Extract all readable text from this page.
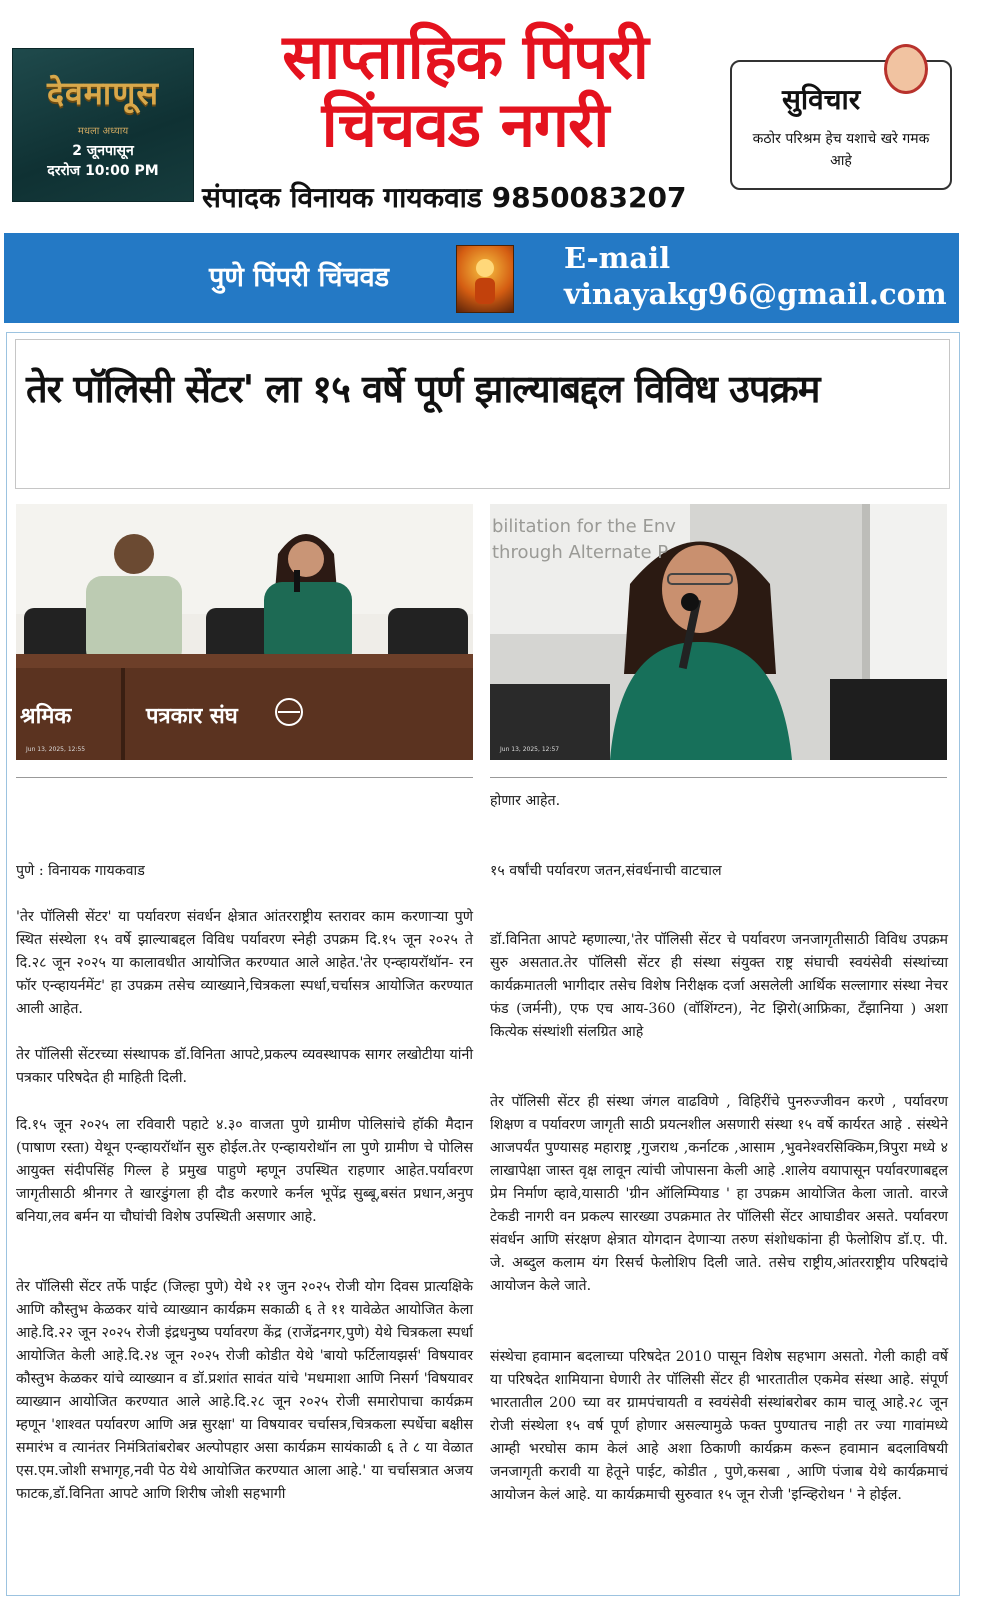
देवमाणूस
मधला अध्याय
2 जूनपासून
दररोज 10:00 PM
साप्ताहिक पिंपरी
चिंचवड नगरी
संपादक विनायक गायकवाड 9850083207
सुविचार
कठोर परिश्रम हेच यशाचे खरे गमक आहे
पुणे पिंपरी चिंचवड
E-mail
vinayakg96@gmail.com
तेर पॉलिसी सेंटर' ला १५ वर्षे पूर्ण झाल्याबद्दल विविध उपक्रम
श्रमिक	पत्रकार संघ
Jun 13, 2025, 12:55
bilitation for the Env
through Alternate P
Jun 13, 2025, 12:57
पुणे : विनायक गायकवाड
'तेर पॉलिसी सेंटर' या पर्यावरण संवर्धन क्षेत्रात आंतरराष्ट्रीय स्तरावर काम करणाऱ्या पुणे स्थित संस्थेला १५ वर्षे झाल्याबद्दल विविध पर्यावरण स्नेही उपक्रम दि.१५ जून २०२५ ते दि.२८ जून २०२५ या कालावधीत आयोजित करण्यात आले आहेत.'तेर एन्व्हायरॉथॉन- रन फॉर एन्व्हायर्नमेंट' हा उपक्रम तसेच व्याख्याने,चित्रकला स्पर्धा,चर्चासत्र आयोजित करण्यात आली आहेत.
तेर पॉलिसी सेंटरच्या संस्थापक डॉ.विनिता आपटे,प्रकल्प व्यवस्थापक सागर लखोटीया यांनी पत्रकार परिषदेत ही माहिती दिली.
दि.१५ जून २०२५ ला रविवारी पहाटे ४.३० वाजता पुणे ग्रामीण पोलिसांचे हॉकी मैदान (पाषाण रस्ता) येथून एन्व्हायरॉथॉन सुरु होईल.तेर एन्व्हायरोथॉन ला पुणे ग्रामीण चे पोलिस आयुक्त संदीपसिंह गिल्ल हे प्रमुख पाहुणे म्हणून उपस्थित राहणार आहेत.पर्यावरण जागृतीसाठी श्रीनगर ते खारडुंगला ही दौड करणारे कर्नल भूपेंद्र सुब्बू,बसंत प्रधान,अनुप बनिया,लव बर्मन या चौघांची विशेष उपस्थिती असणार आहे.
तेर पॉलिसी सेंटर तर्फे पाईट (जिल्हा पुणे) येथे २१ जुन २०२५ रोजी योग दिवस प्रात्यक्षिके आणि कौस्तुभ केळकर यांचे व्याख्यान कार्यक्रम सकाळी ६ ते ११ यावेळेत आयोजित केला आहे.दि.२२ जून २०२५ रोजी इंद्रधनुष्य पर्यावरण केंद्र (राजेंद्रनगर,पुणे) येथे चित्रकला स्पर्धा आयोजित केली आहे.दि.२४ जून २०२५ रोजी कोडीत येथे 'बायो फर्टिलायझर्स' विषयावर कौस्तुभ केळकर यांचे व्याख्यान व डॉ.प्रशांत सावंत यांचे 'मधमाशा आणि निसर्ग 'विषयावर व्याख्यान आयोजित करण्यात आले आहे.दि.२८ जून २०२५ रोजी समारोपाचा कार्यक्रम म्हणून 'शाश्वत पर्यावरण आणि अन्न सुरक्षा' या विषयावर चर्चासत्र,चित्रकला स्पर्धेचा बक्षीस समारंभ व त्यानंतर निमंत्रितांबरोबर अल्पोपहार असा कार्यक्रम सायंकाळी ६ ते ८ या वेळात एस.एम.जोशी सभागृह,नवी पेठ येथे आयोजित करण्यात आला आहे.' या चर्चासत्रात अजय फाटक,डॉ.विनिता आपटे आणि शिरीष जोशी सहभागी
होणार आहेत.
१५ वर्षांची पर्यावरण जतन,संवर्धनाची वाटचाल
डॉ.विनिता आपटे म्हणाल्या,'तेर पॉलिसी सेंटर चे पर्यावरण जनजागृतीसाठी विविध उपक्रम सुरु असतात.तेर पॉलिसी सेंटर ही संस्था संयुक्त राष्ट्र संघाची स्वयंसेवी संस्थांच्या कार्यक्रमातली भागीदार तसेच विशेष निरीक्षक दर्जा असलेली आर्थिक सल्लागार संस्था नेचर फंड (जर्मनी), एफ एच आय-360 (वॉशिंग्टन), नेट झिरो(आफ्रिका, टँझानिया ) अशा कित्येक संस्थांशी संलग्रित आहे
तेर पॉलिसी सेंटर ही संस्था जंगल वाढविणे , विहिरींचे पुनरुज्जीवन करणे , पर्यावरण शिक्षण व पर्यावरण जागृती साठी प्रयत्नशील असणारी संस्था १५ वर्षे कार्यरत आहे . संस्थेने आजपर्यंत पुण्यासह महाराष्ट्र ,गुजराथ ,कर्नाटक ,आसाम ,भुवनेश्वरसिक्किम,त्रिपुरा मध्ये ४ लाखापेक्षा जास्त वृक्ष लावून त्यांची जोपासना केली आहे .शालेय वयापासून पर्यावरणाबद्दल प्रेम निर्माण व्हावे,यासाठी 'ग्रीन ऑलिम्पियाड ' हा उपक्रम आयोजित केला जातो. वारजे टेकडी नागरी वन प्रकल्प सारख्या उपक्रमात तेर पॉलिसी सेंटर आघाडीवर असते. पर्यावरण संवर्धन आणि संरक्षण क्षेत्रात योगदान देणाऱ्या तरुण संशोधकांना ही फेलोशिप डॉ.ए. पी. जे. अब्दुल कलाम यंग रिसर्च फेलोशिप दिली जाते. तसेच राष्ट्रीय,आंतरराष्ट्रीय परिषदांचे आयोजन केले जाते.
संस्थेचा हवामान बदलाच्या परिषदेत 2010 पासून विशेष सहभाग असतो. गेली काही वर्षे या परिषदेत शामियाना घेणारी तेर पॉलिसी सेंटर ही भारतातील एकमेव संस्था आहे. संपूर्ण भारतातील 200 च्या वर ग्रामपंचायती व स्वयंसेवी संस्थांबरोबर काम चालू आहे.२८ जून रोजी संस्थेला १५ वर्ष पूर्ण होणार असल्यामुळे फक्त पुण्यातच नाही तर ज्या गावांमध्ये आम्ही भरघोस काम केलं आहे अशा ठिकाणी कार्यक्रम करून हवामान बदलाविषयी जनजागृती करावी या हेतूने पाईट, कोडीत , पुणे,कसबा , आणि पंजाब येथे कार्यक्रमाचं आयोजन केलं आहे. या कार्यक्रमाची सुरुवात १५ जून रोजी 'इन्व्हिरोथन ' ने होईल.
